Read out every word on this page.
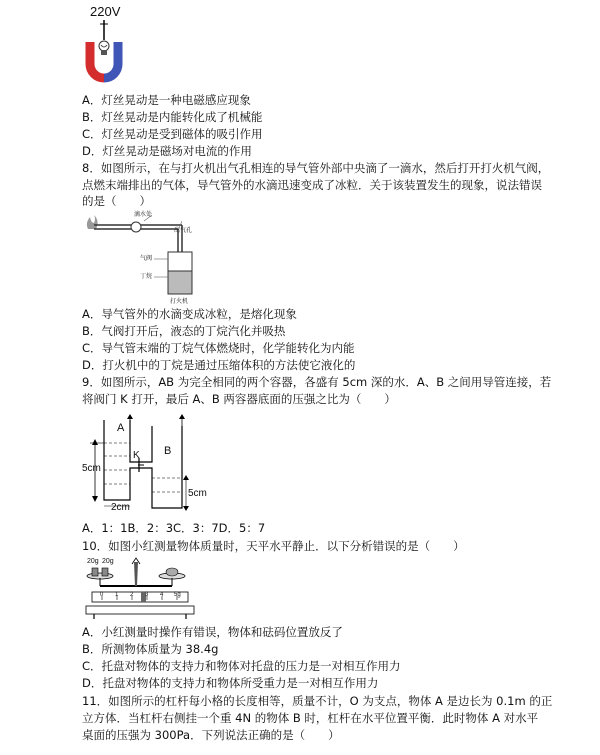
220V
A．灯丝晃动是一种电磁感应现象
B．灯丝晃动是内能转化成了机械能
C．灯丝晃动是受到磁体的吸引作用
D．灯丝晃动是磁场对电流的作用
8．如图所示，在与打火机出气孔相连的导气管外部中央滴了一滴水，然后打开打火机气阀，
点燃末端排出的气体，导气管外的水滴迅速变成了冰粒．关于该装置发生的现象，说法错误
的是（　　）
滴水处
出气孔
气阀
丁烷
打火机
A．导气管外的水滴变成冰粒，是熔化现象
B．气阀打开后，液态的丁烷汽化并吸热
C．导气管末端的丁烷气体燃烧时，化学能转化为内能
D．打火机中的丁烷是通过压缩体积的方法使它液化的
9．如图所示，AB 为完全相同的两个容器，各盛有 5cm 深的水．A、B 之间用导管连接，若
将阀门 K 打开，最后 A、B 两容器底面的压强之比为（　　）
A
B
K
5cm
5cm
2cm
A．1：1B．2：3C．3：7D．5：7
10．如图小红测量物体质量时，天平水平静止．以下分析错误的是（　　）
20g 20g
0 1 2 3 4 5g
A．小红测量时操作有错误，物体和砝码位置放反了
B．所测物体质量为 38.4g
C．托盘对物体的支持力和物体对托盘的压力是一对相互作用力
D．托盘对物体的支持力和物体所受重力是一对相互作用力
11．如图所示的杠杆每小格的长度相等，质量不计，O 为支点，物体 A 是边长为 0.1m 的正
立方体．当杠杆右侧挂一个重 4N 的物体 B 时，杠杆在水平位置平衡．此时物体 A 对水平
桌面的压强为 300Pa．下列说法正确的是（　　）
